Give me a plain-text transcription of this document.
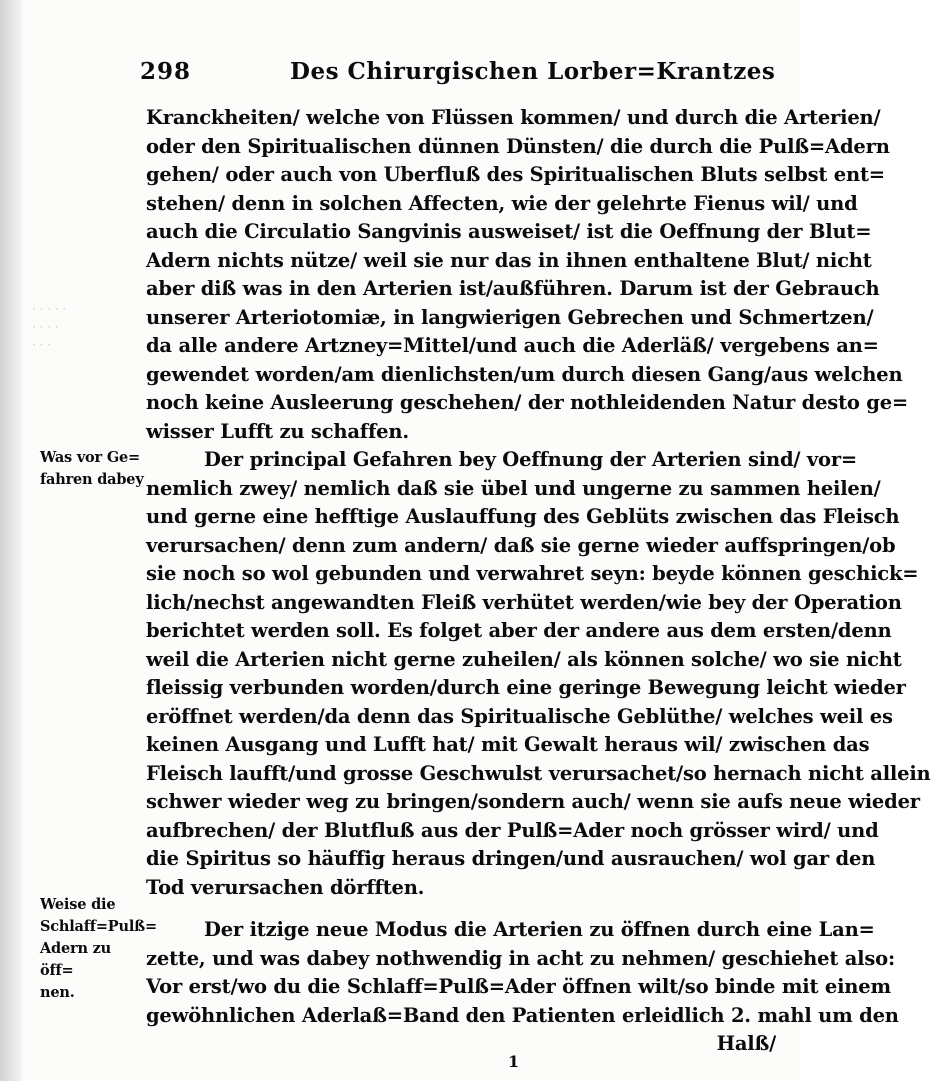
298	Des Chirurgischen Lorber=Krantzes
· · · · ·
· · · ·
· · ·
Was vor Ge=
fahren dabey
Weise die
Schlaff=Pulß=
Adern zu öff=
nen.
Kranckheiten/ welche von Flüssen kommen/ und durch die Arterien/
oder den Spiritualischen dünnen Dünsten/ die durch die Pulß=Adern
gehen/ oder auch von Uberfluß des Spiritualischen Bluts selbst ent=
stehen/ denn in solchen Affecten, wie der gelehrte Fienus wil/ und
auch die Circulatio Sangvinis ausweiset/ ist die Oeffnung der Blut=
Adern nichts nütze/ weil sie nur das in ihnen enthaltene Blut/ nicht
aber diß was in den Arterien ist/außführen. Darum ist der Gebrauch
unserer Arteriotomiæ, in langwierigen Gebrechen und Schmertzen/
da alle andere Artzney=Mittel/und auch die Aderläß/ vergebens an=
gewendet worden/am dienlichsten/um durch diesen Gang/aus welchen
noch keine Ausleerung geschehen/ der nothleidenden Natur desto ge=
wisser Lufft zu schaffen.
Der principal Gefahren bey Oeffnung der Arterien sind/ vor=
nemlich zwey/ nemlich daß sie übel und ungerne zu sammen heilen/
und gerne eine hefftige Auslauffung des Geblüts zwischen das Fleisch
verursachen/ denn zum andern/ daß sie gerne wieder auffspringen/ob
sie noch so wol gebunden und verwahret seyn: beyde können geschick=
lich/nechst angewandten Fleiß verhütet werden/wie bey der Operation
berichtet werden soll. Es folget aber der andere aus dem ersten/denn
weil die Arterien nicht gerne zuheilen/ als können solche/ wo sie nicht
fleissig verbunden worden/durch eine geringe Bewegung leicht wieder
eröffnet werden/da denn das Spiritualische Geblüthe/ welches weil es
keinen Ausgang und Lufft hat/ mit Gewalt heraus wil/ zwischen das
Fleisch laufft/und grosse Geschwulst verursachet/so hernach nicht allein
schwer wieder weg zu bringen/sondern auch/ wenn sie aufs neue wieder
aufbrechen/ der Blutfluß aus der Pulß=Ader noch grösser wird/ und
die Spiritus so häuffig heraus dringen/und ausrauchen/ wol gar den
Tod verursachen dörfften.
Der itzige neue Modus die Arterien zu öffnen durch eine Lan=
zette, und was dabey nothwendig in acht zu nehmen/ geschiehet also:
Vor erst/wo du die Schlaff=Pulß=Ader öffnen wilt/so binde mit einem
gewöhnlichen Aderlaß=Band den Patienten erleidlich 2. mahl um den
Halß/
1
